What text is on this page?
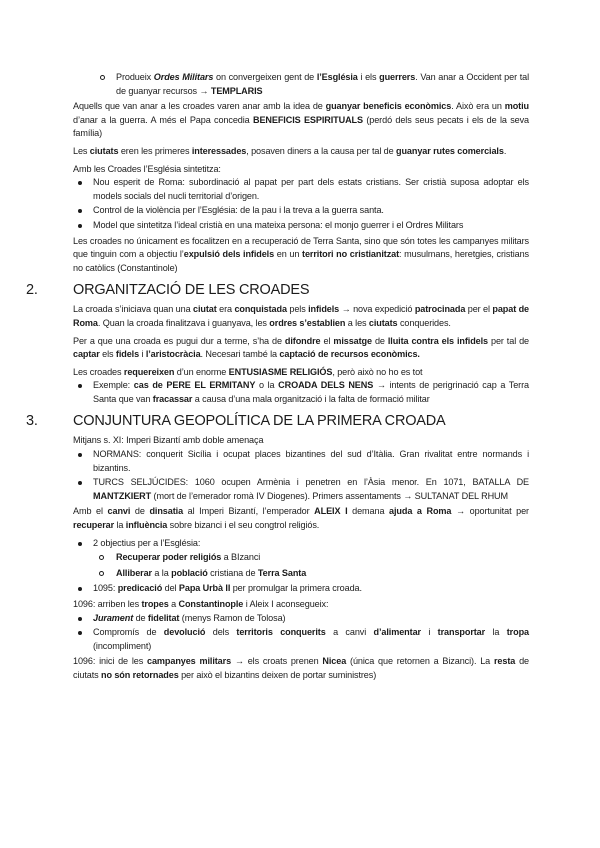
Produeix Ordes Militars on convergeixen gent de l’Església i els guerrers. Van anar a Occident per tal de guanyar recursos → TEMPLARIS

Aquells que van anar a les croades varen anar amb la idea de guanyar beneficis econòmics. Això era un motiu d’anar a la guerra. A més el Papa concedia BENEFICIS ESPIRITUALS (perdó dels seus pecats i els de la seva família)

Les ciutats eren les primeres interessades, posaven diners a la causa per tal de guanyar rutes comercials.

Amb les Croades l’Església sintetitza:

Nou esperit de Roma: subordinació al papat per part dels estats cristians. Ser cristià suposa adoptar els models socials del nucli territorial d’origen.
Control de la violència per l’Església: de la pau i la treva a la guerra santa.
Model que sintetitza l’ideal cristià en una mateixa persona: el monjo guerrer i el Ordres Militars

Les croades no únicament es focalitzen en a recuperació de Terra Santa, sino que són totes les campanyes militars que tinguin com a objectiu l’expulsió dels infidels en un territori no cristianitzat: musulmans, heretgies, cristians no catòlics (Constantinole)

2. ORGANITZACIÓ DE LES CROADES

La croada s’iniciava quan una ciutat era conquistada pels infidels → nova expedició patrocinada per el papat de Roma. Quan la croada finalitzava i guanyava, les ordres s’establien a les ciutats conquerides.

Per a que una croada es pugui dur a terme, s’ha de difondre el missatge de lluita contra els infidels per tal de captar els fidels i l’aristocràcia. Necesari també la captació de recursos econòmics.

Les croades requereixen d’un enorme ENTUSIASME RELIGIÓS, però això no ho es tot

Exemple: cas de PERE EL ERMITANY o la CROADA DELS NENS → intents de perigrinació cap a Terra Santa que van fracassar a causa d’una mala organització i la falta de formació militar
3. CONJUNTURA GEOPOLÍTICA DE LA PRIMERA CROADA

Mitjans s. XI: Imperi Bizantí amb doble amenaça

NORMANS: conquerit Sicília i ocupat places bizantines del sud d’Itàlia. Gran rivalitat entre normands i bizantins.
TURCS SELJÚCIDES: 1060 ocupen Armènia i penetren en l’Àsia menor. En 1071, BATALLA DE MANTZKIERT (mort de l’emerador romà IV Diogenes). Primers assentaments → SULTANAT DEL RHUM

Amb el canvi de dinsatia al Imperi Bizantí, l’emperador ALEIX I demana ajuda a Roma → oportunitat per recuperar la influència sobre bizanci i el seu congtrol religiós.

2 objectius per a l’Església:
Recuperar poder religiós a BIzanci
Alliberar a la població cristiana de Terra Santa
1095: predicació del Papa Urbà II per promulgar la primera croada.

1096: arriben les tropes a Constantinople i Aleix I aconsegueix:

Jurament de fidelitat (menys Ramon de Tolosa)
Compromís de devolució dels territoris conquerits a canvi d’alimentar i transportar la tropa (incompliment)

1096: inici de les campanyes militars → els croats prenen Nicea (única que retornen a Bizanci). La resta de ciutats no són retornades per això el bizantins deixen de portar suministres)
